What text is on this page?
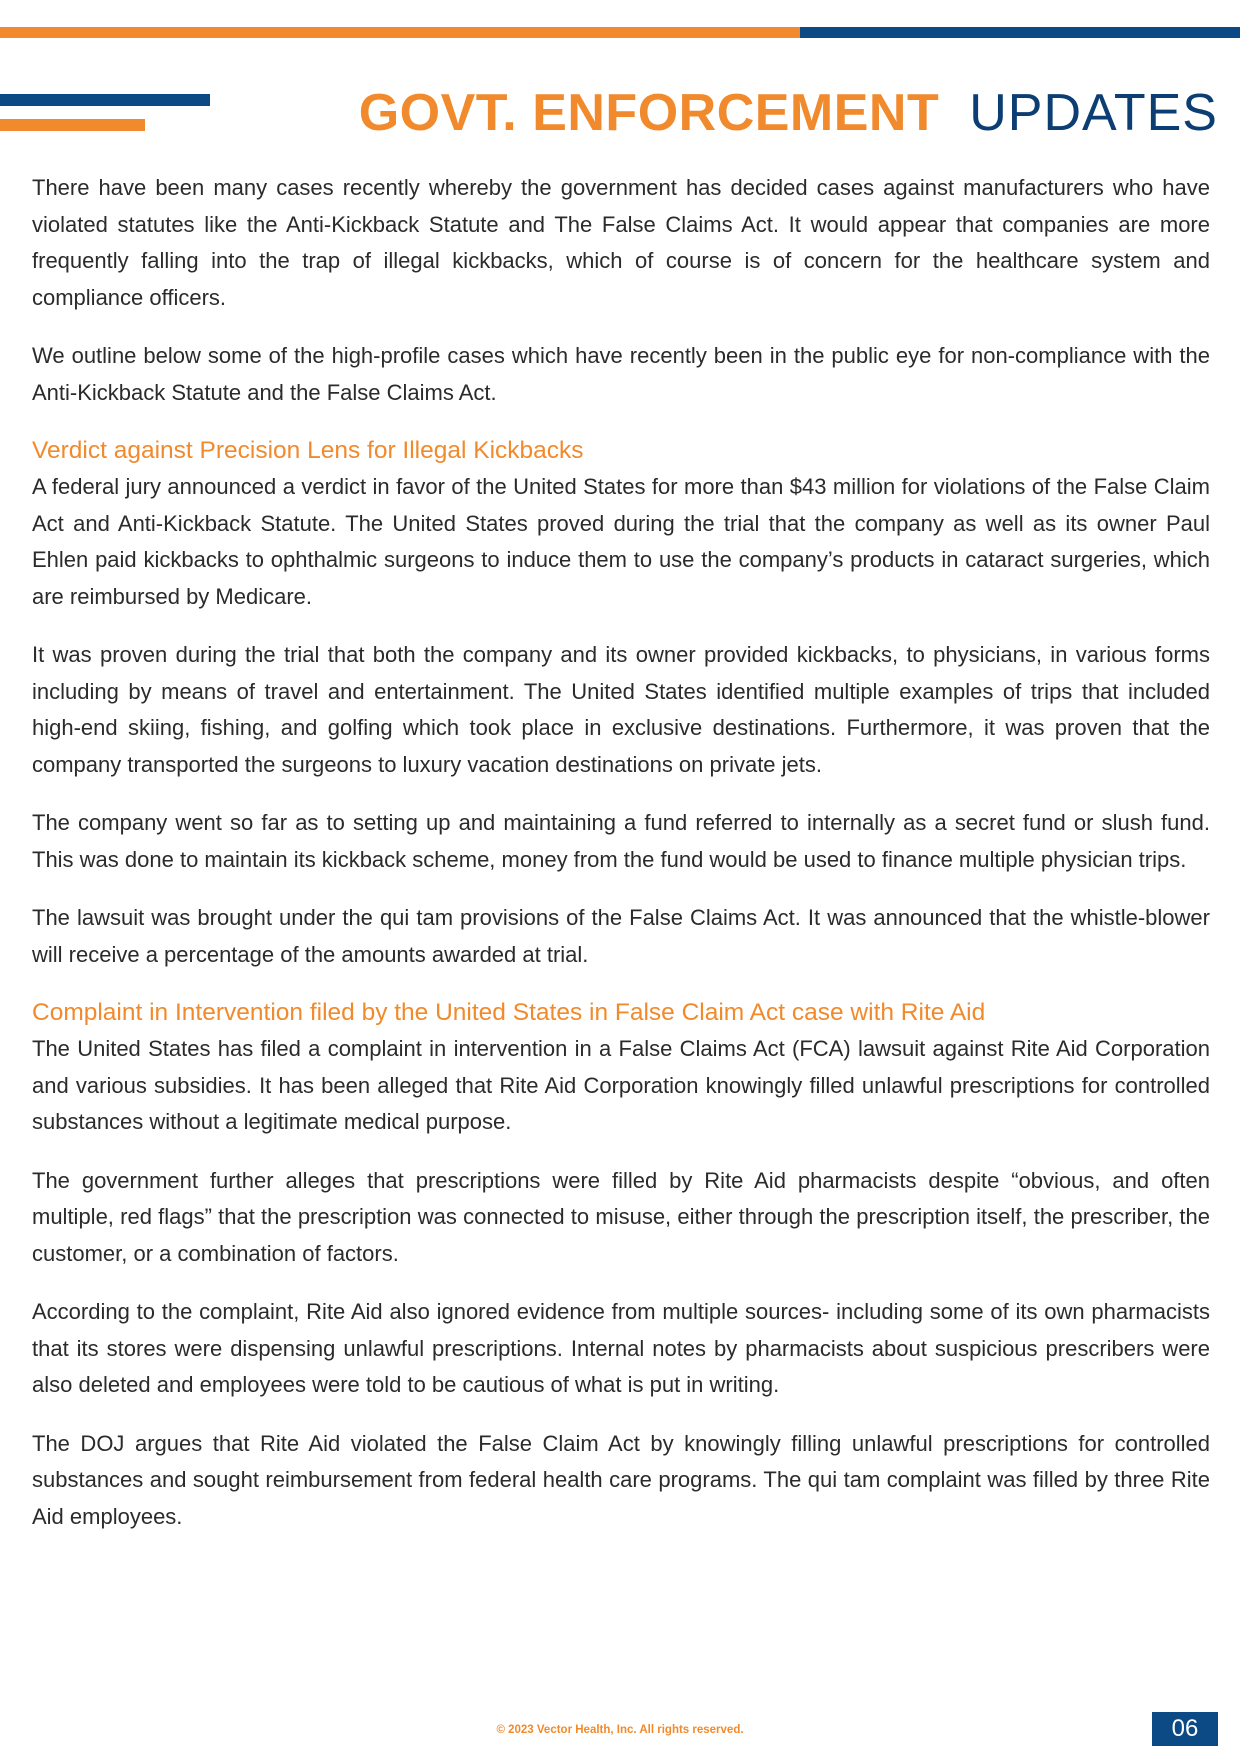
GOVT. ENFORCEMENT UPDATES

There have been many cases recently whereby the government has decided cases against manufacturers who have violated statutes like the Anti-Kickback Statute and The False Claims Act. It would appear that companies are more frequently falling into the trap of illegal kickbacks, which of course is of concern for the healthcare system and compliance officers.

We outline below some of the high-profile cases which have recently been in the public eye for non-compliance with the Anti-Kickback Statute and the False Claims Act.

Verdict against Precision Lens for Illegal Kickbacks

A federal jury announced a verdict in favor of the United States for more than $43 million for violations of the False Claim Act and Anti-Kickback Statute. The United States proved during the trial that the company as well as its owner Paul Ehlen paid kickbacks to ophthalmic surgeons to induce them to use the company’s products in cataract surgeries, which are reimbursed by Medicare.

It was proven during the trial that both the company and its owner provided kickbacks, to physicians, in various forms including by means of travel and entertainment. The United States identified multiple examples of trips that included high-end skiing, fishing, and golfing which took place in exclusive destinations. Furthermore, it was proven that the company transported the surgeons to luxury vacation destinations on private jets.

The company went so far as to setting up and maintaining a fund referred to internally as a secret fund or slush fund. This was done to maintain its kickback scheme, money from the fund would be used to finance multiple physician trips.

The lawsuit was brought under the qui tam provisions of the False Claims Act. It was announced that the whistle-blower will receive a percentage of the amounts awarded at trial.

Complaint in Intervention filed by the United States in False Claim Act case with Rite Aid

The United States has filed a complaint in intervention in a False Claims Act (FCA) lawsuit against Rite Aid Corporation and various subsidies. It has been alleged that Rite Aid Corporation knowingly filled unlawful prescriptions for controlled substances without a legitimate medical purpose.

The government further alleges that prescriptions were filled by Rite Aid pharmacists despite “obvious, and often multiple, red flags” that the prescription was connected to misuse, either through the prescription itself, the prescriber, the customer, or a combination of factors.

According to the complaint, Rite Aid also ignored evidence from multiple sources- including some of its own pharmacists that its stores were dispensing unlawful prescriptions. Internal notes by pharmacists about suspicious prescribers were also deleted and employees were told to be cautious of what is put in writing.

The DOJ argues that Rite Aid violated the False Claim Act by knowingly filling unlawful prescriptions for controlled substances and sought reimbursement from federal health care programs. The qui tam complaint was filled by three Rite Aid employees.

© 2023 Vector Health, Inc. All rights reserved.	06
